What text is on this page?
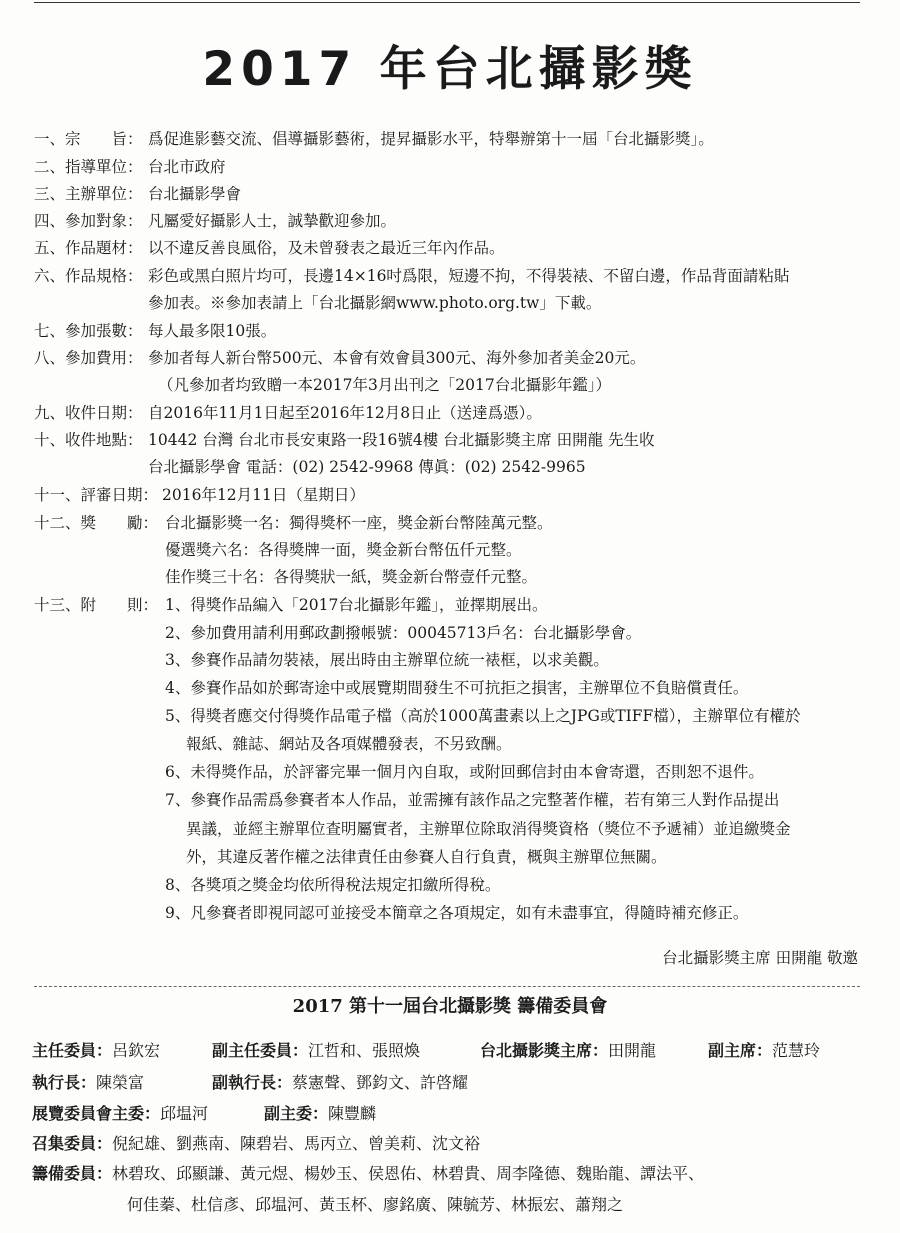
2017 年台北攝影獎
一、宗　　旨： 爲促進影藝交流、倡導攝影藝術，提昇攝影水平，特舉辦第十一屆「台北攝影獎」。
二、指導單位： 台北市政府
三、主辦單位： 台北攝影學會
四、參加對象： 凡屬愛好攝影人士，誠摯歡迎參加。
五、作品題材： 以不違反善良風俗，及未曾發表之最近三年內作品。
六、作品規格： 彩色或黑白照片均可，長邊14×16吋爲限，短邊不拘，不得裝裱、不留白邊，作品背面請粘貼
參加表。※參加表請上「台北攝影網www.photo.org.tw」下載。
七、參加張數： 每人最多限10張。
八、參加費用： 參加者每人新台幣500元、本會有效會員300元、海外參加者美金20元。
（凡參加者均致贈一本2017年3月出刊之「2017台北攝影年鑑」）
九、收件日期： 自2016年11月1日起至2016年12月8日止（送達爲憑）。
十、收件地點： 10442 台灣 台北市長安東路一段16號4樓 台北攝影獎主席 田開龍 先生收
台北攝影學會 電話：(02) 2542-9968 傳眞：(02) 2542-9965
十一、評審日期： 2016年12月11日（星期日）
十二、獎　　勵： 台北攝影獎一名：獨得獎杯一座，獎金新台幣陸萬元整。
優選獎六名：各得獎牌一面，獎金新台幣伍仟元整。
佳作獎三十名：各得獎狀一紙，獎金新台幣壹仟元整。
十三、附　　則： 1、得獎作品編入「2017台北攝影年鑑」，並擇期展出。
2、參加費用請利用郵政劃撥帳號：00045713戶名：台北攝影學會。
3、參賽作品請勿裝裱，展出時由主辦單位統一裱框，以求美觀。
4、參賽作品如於郵寄途中或展覽期間發生不可抗拒之損害，主辦單位不負賠償責任。
5、得獎者應交付得獎作品電子檔（高於1000萬畫素以上之JPG或TIFF檔），主辦單位有權於
報紙、雜誌、網站及各項媒體發表，不另致酬。
6、未得獎作品，於評審完畢一個月內自取，或附回郵信封由本會寄還，否則恕不退件。
7、參賽作品需爲參賽者本人作品，並需擁有該作品之完整著作權，若有第三人對作品提出
異議，並經主辦單位查明屬實者，主辦單位除取消得獎資格（獎位不予遞補）並追繳獎金
外，其違反著作權之法律責任由參賽人自行負責，概與主辦單位無關。
8、各獎項之獎金均依所得稅法規定扣繳所得稅。
9、凡參賽者即視同認可並接受本簡章之各項規定，如有未盡事宜，得隨時補充修正。
台北攝影獎主席 田開龍 敬邀
2017 第十一屆台北攝影獎 籌備委員會
主任委員：呂欽宏	副主任委員：江哲和、張照煥	台北攝影獎主席：田開龍	副主席：范慧玲
執行長：陳榮富	副執行長：蔡憲聲、鄧鈞文、許啓耀
展覽委員會主委：邱塭河	副主委：陳豐麟
召集委員：倪紀雄、劉燕南、陳碧岩、馬丙立、曾美莉、沈文裕
籌備委員：林碧玫、邱顯謙、黃元煜、楊妙玉、侯恩佑、林碧貴、周李隆德、魏貽龍、譚法平、
何佳蓁、杜信彥、邱塭河、黃玉杯、廖銘廣、陳毓芳、林振宏、蕭翔之
